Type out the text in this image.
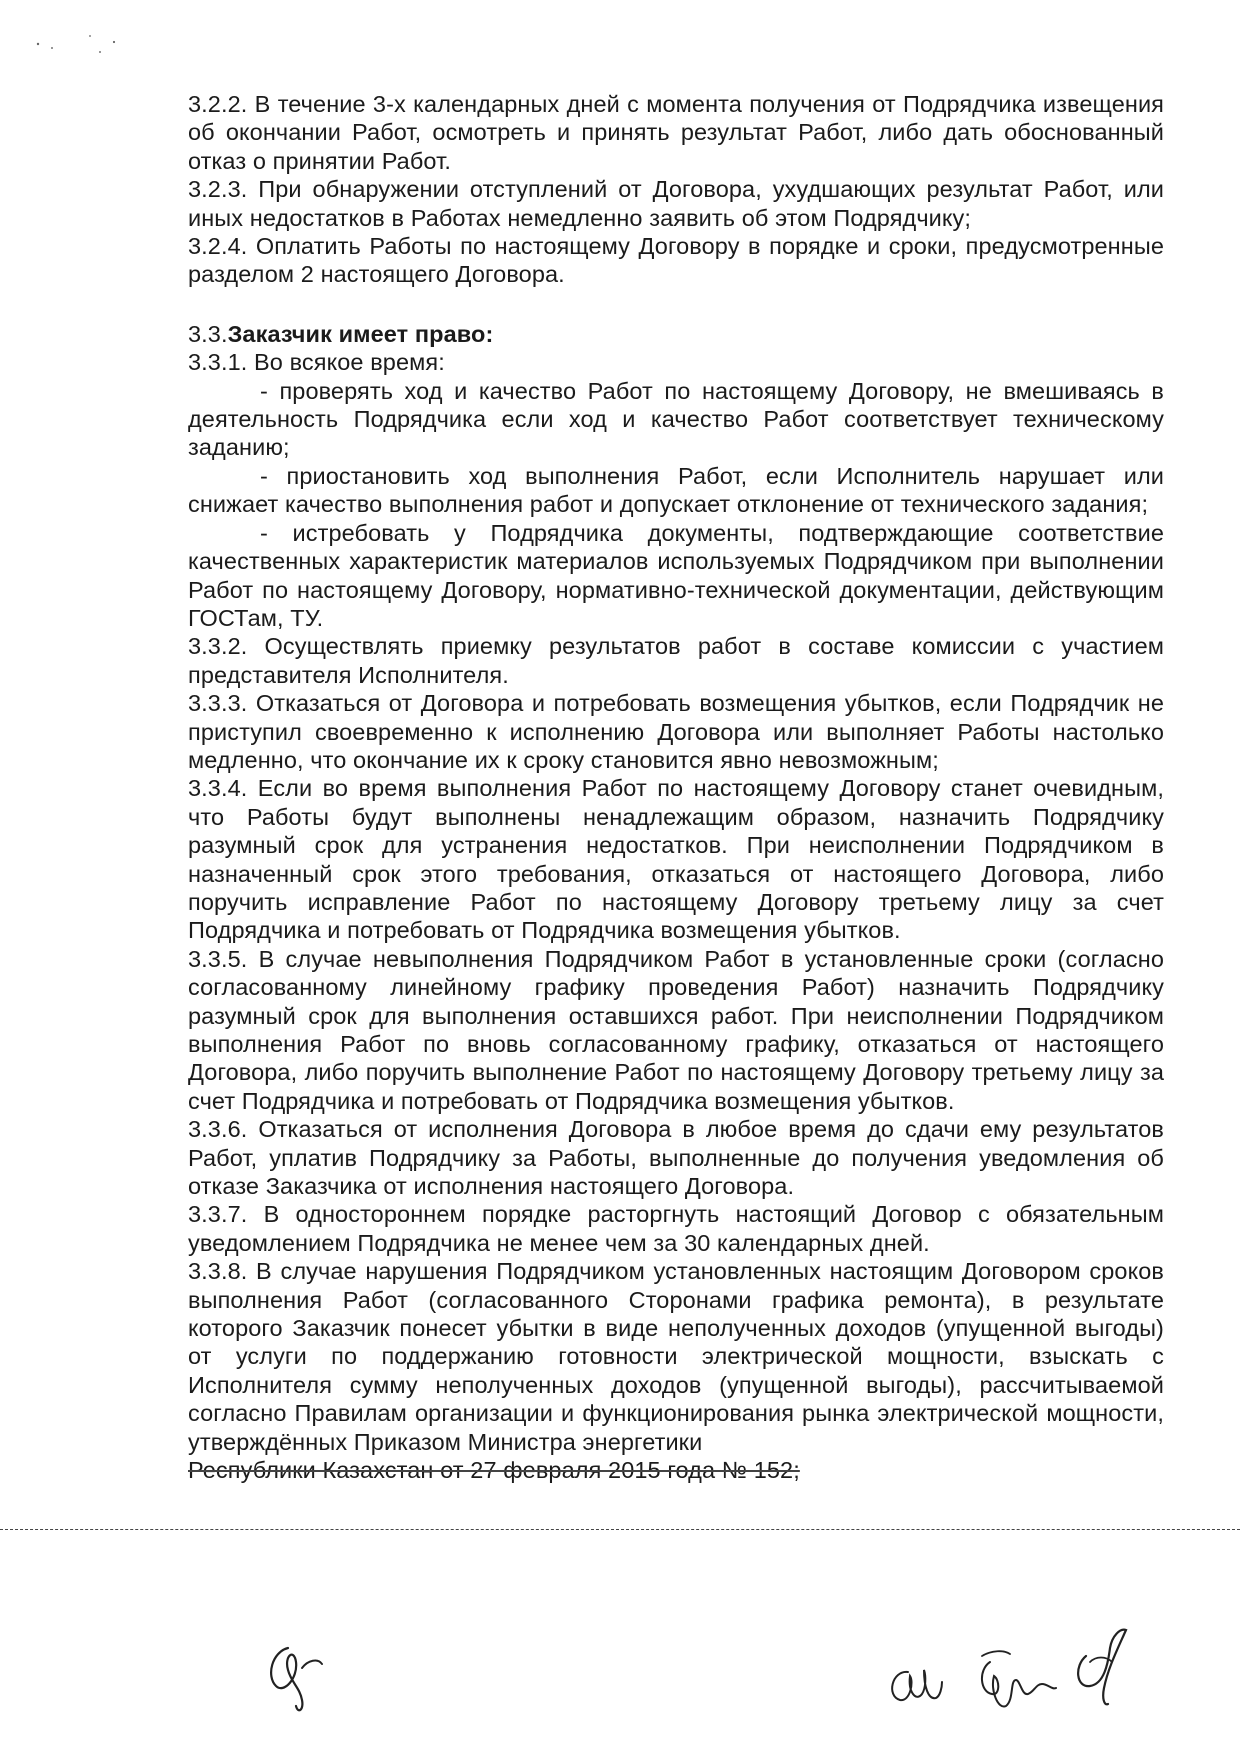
3.2.2. В течение 3-х календарных дней с момента получения от Подрядчика извещения об окончании Работ, осмотреть и принять результат Работ, либо дать обоснованный отказ о принятии Работ.

3.2.3. При обнаружении отступлений от Договора, ухудшающих результат Работ, или иных недостатков в Работах немедленно заявить об этом Подрядчику;

3.2.4. Оплатить Работы по настоящему Договору в порядке и сроки, предусмотренные разделом 2 настоящего Договора.

3.3.Заказчик имеет право:

3.3.1. Во всякое время:

- проверять ход и качество Работ по настоящему Договору, не вмешиваясь в деятельность Подрядчика если ход и качество Работ соответствует техническому заданию;

- приостановить ход выполнения Работ, если Исполнитель нарушает или снижает качество выполнения работ и допускает отклонение от технического задания;

- истребовать у Подрядчика документы, подтверждающие соответствие качественных характеристик материалов используемых Подрядчиком при выполнении Работ по настоящему Договору, нормативно-технической документации, действующим ГОСТам, ТУ.

3.3.2. Осуществлять приемку результатов работ в составе комиссии с участием представителя Исполнителя.

3.3.3. Отказаться от Договора и потребовать возмещения убытков, если Подрядчик не приступил своевременно к исполнению Договора или выполняет Работы настолько медленно, что окончание их к сроку становится явно невозможным;

3.3.4. Если во время выполнения Работ по настоящему Договору станет очевидным, что Работы будут выполнены ненадлежащим образом, назначить Подрядчику разумный срок для устранения недостатков. При неисполнении Подрядчиком в назначенный срок этого требования, отказаться от настоящего Договора, либо поручить исправление Работ по настоящему Договору третьему лицу за счет Подрядчика и потребовать от Подрядчика возмещения убытков.

3.3.5. В случае невыполнения Подрядчиком Работ в установленные сроки (согласно согласованному линейному графику проведения Работ) назначить Подрядчику разумный срок для выполнения оставшихся работ. При неисполнении Подрядчиком выполнения Работ по вновь согласованному графику, отказаться от настоящего Договора, либо поручить выполнение Работ по настоящему Договору третьему лицу за счет Подрядчика и потребовать от Подрядчика возмещения убытков.

3.3.6. Отказаться от исполнения Договора в любое время до сдачи ему результатов Работ, уплатив Подрядчику за Работы, выполненные до получения уведомления об отказе Заказчика от исполнения настоящего Договора.

3.3.7. В одностороннем порядке расторгнуть настоящий Договор с обязательным уведомлением Подрядчика не менее чем за 30 календарных дней.

3.3.8. В случае нарушения Подрядчиком установленных настоящим Договором сроков выполнения Работ (согласованного Сторонами графика ремонта), в результате которого Заказчик понесет убытки в виде неполученных доходов (упущенной выгоды) от услуги по поддержанию готовности электрической мощности, взыскать с Исполнителя сумму неполученных доходов (упущенной выгоды), рассчитываемой согласно Правилам организации и функционирования рынка электрической мощности, утверждённых Приказом Министра энергетики

Республики Казахстан от 27 февраля 2015 года № 152;
